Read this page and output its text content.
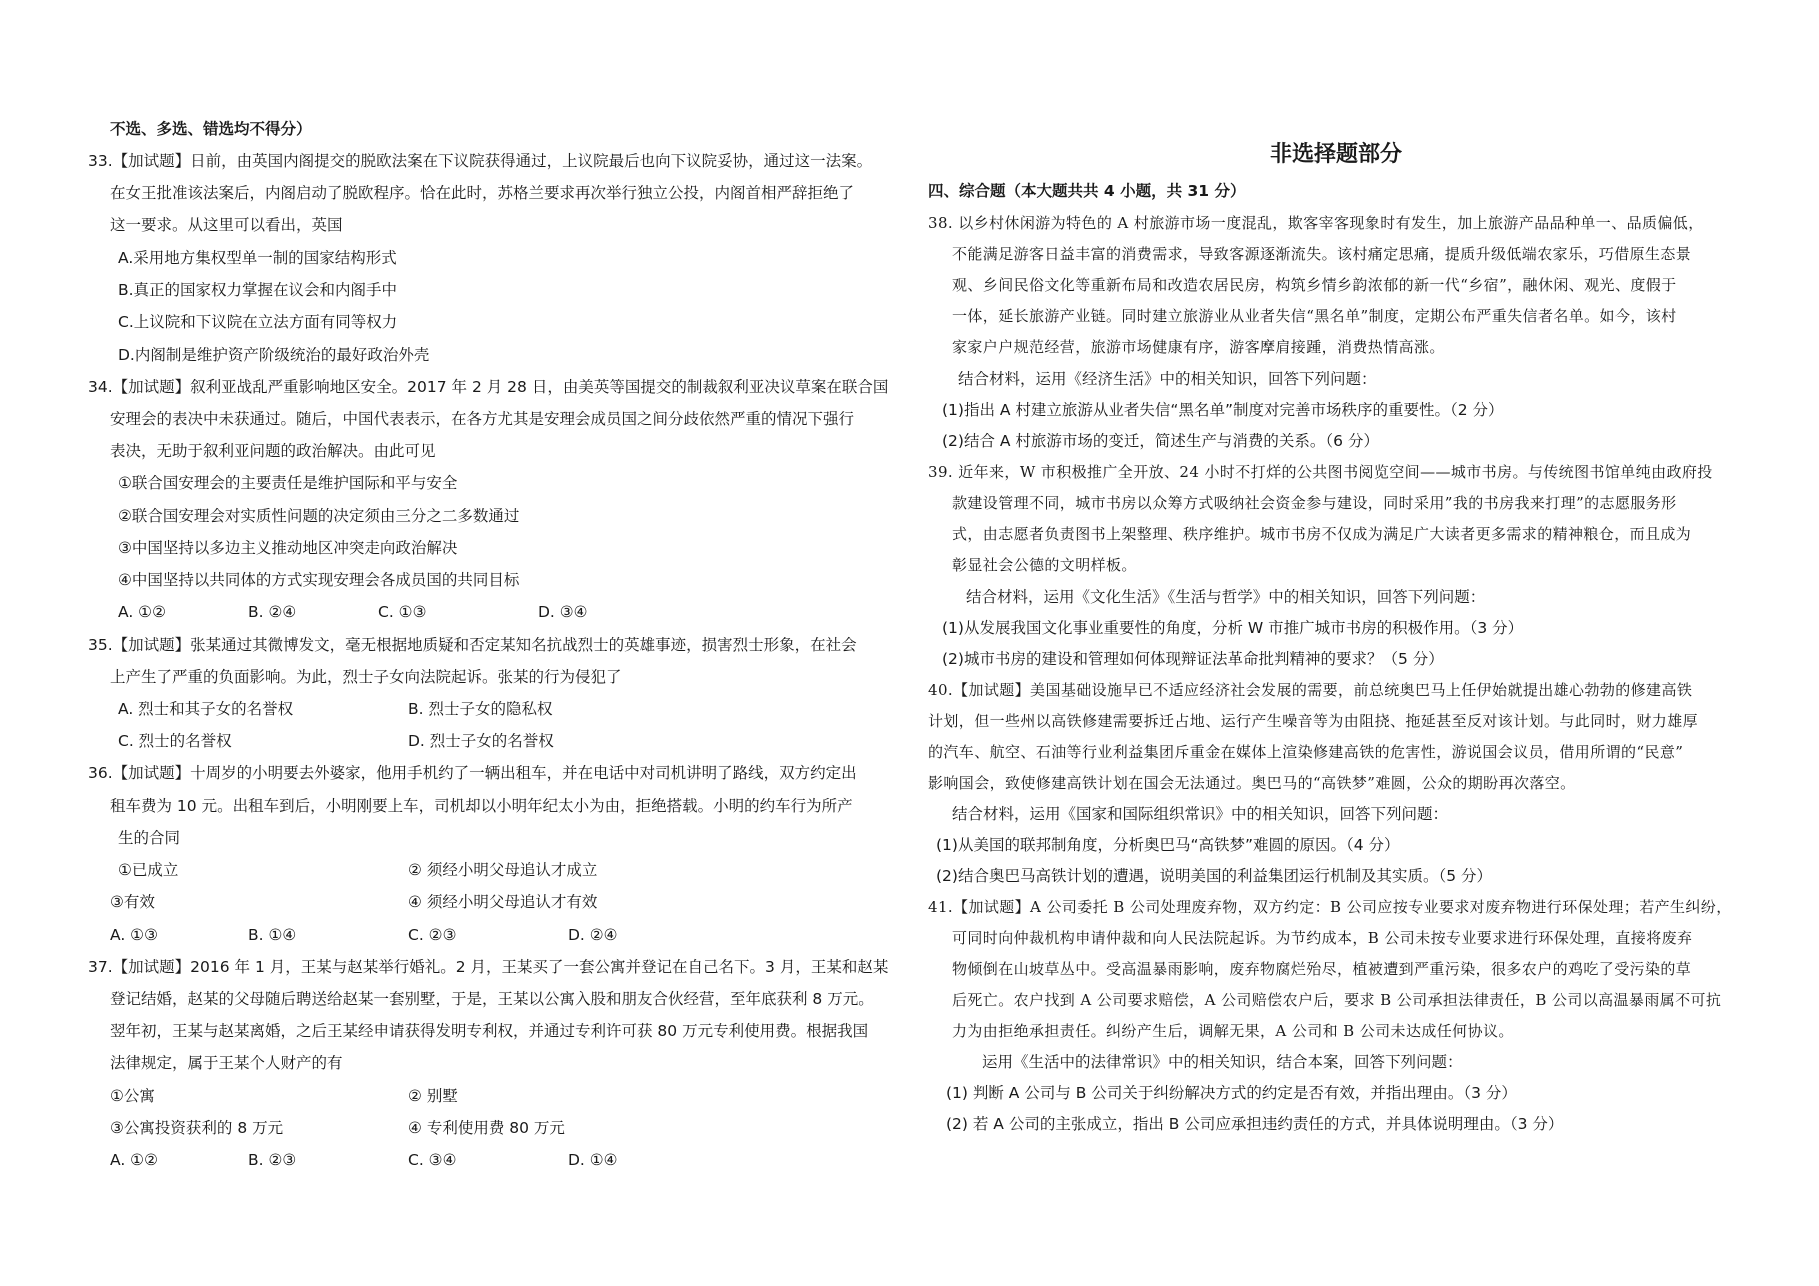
不选、多选、错选均不得分）
33.【加试题】日前，由英国内阁提交的脱欧法案在下议院获得通过，上议院最后也向下议院妥协，通过这一法案。
在女王批准该法案后，内阁启动了脱欧程序。恰在此时，苏格兰要求再次举行独立公投，内阁首相严辞拒绝了
这一要求。从这里可以看出，英国
A.采用地方集权型单一制的国家结构形式
B.真正的国家权力掌握在议会和内阁手中
C.上议院和下议院在立法方面有同等权力
D.内阁制是维护资产阶级统治的最好政治外壳
34.【加试题】叙利亚战乱严重影响地区安全。2017 年 2 月 28 日，由美英等国提交的制裁叙利亚决议草案在联合国
安理会的表决中未获通过。随后，中国代表表示，在各方尤其是安理会成员国之间分歧依然严重的情况下强行
表决，无助于叙利亚问题的政治解决。由此可见
①联合国安理会的主要责任是维护国际和平与安全
②联合国安理会对实质性问题的决定须由三分之二多数通过
③中国坚持以多边主义推动地区冲突走向政治解决
④中国坚持以共同体的方式实现安理会各成员国的共同目标
A. ①②	B. ②④	C. ①③	D. ③④
35.【加试题】张某通过其微博发文，毫无根据地质疑和否定某知名抗战烈士的英雄事迹，损害烈士形象，在社会
上产生了严重的负面影响。为此，烈士子女向法院起诉。张某的行为侵犯了
A. 烈士和其子女的名誉权	B. 烈士子女的隐私权
C. 烈士的名誉权	D. 烈士子女的名誉权
36.【加试题】十周岁的小明要去外婆家，他用手机约了一辆出租车，并在电话中对司机讲明了路线，双方约定出
租车费为 10 元。出租车到后，小明刚要上车，司机却以小明年纪太小为由，拒绝搭载。小明的约车行为所产
生的合同
①已成立	② 须经小明父母追认才成立
③有效	④ 须经小明父母追认才有效
A. ①③	B. ①④	C. ②③	D. ②④
37.【加试题】2016 年 1 月，王某与赵某举行婚礼。2 月，王某买了一套公寓并登记在自己名下。3 月，王某和赵某
登记结婚，赵某的父母随后聘送给赵某一套别墅，于是，王某以公寓入股和朋友合伙经营，至年底获利 8 万元。
翌年初，王某与赵某离婚，之后王某经申请获得发明专利权，并通过专利许可获 80 万元专利使用费。根据我国
法律规定，属于王某个人财产的有
①公寓	② 别墅
③公寓投资获利的 8 万元	④ 专利使用费 80 万元
A. ①②	B. ②③	C. ③④	D. ①④
非选择题部分
四、综合题（本大题共共 4 小题，共 31 分）
38. 以乡村休闲游为特色的 A 村旅游市场一度混乱，欺客宰客现象时有发生，加上旅游产品品种单一、品质偏低，
不能满足游客日益丰富的消费需求，导致客源逐渐流失。该村痛定思痛，提质升级低端农家乐，巧借原生态景
观、乡间民俗文化等重新布局和改造农居民房，构筑乡情乡韵浓郁的新一代“乡宿”，融休闲、观光、度假于
一体，延长旅游产业链。同时建立旅游业从业者失信“黑名单”制度，定期公布严重失信者名单。如今，该村
家家户户规范经营，旅游市场健康有序，游客摩肩接踵，消费热情高涨。
结合材料，运用《经济生活》中的相关知识，回答下列问题：
(1)指出 A 村建立旅游从业者失信“黑名单”制度对完善市场秩序的重要性。（2 分）
(2)结合 A 村旅游市场的变迁，简述生产与消费的关系。（6 分）
39. 近年来，W 市积极推广全开放、24 小时不打烊的公共图书阅览空间——城市书房。与传统图书馆单纯由政府投
款建设管理不同，城市书房以众筹方式吸纳社会资金参与建设，同时采用”我的书房我来打理”的志愿服务形
式，由志愿者负责图书上架整理、秩序维护。城市书房不仅成为满足广大读者更多需求的精神粮仓，而且成为
彰显社会公德的文明样板。
结合材料，运用《文化生活》《生活与哲学》中的相关知识，回答下列问题：
(1)从发展我国文化事业重要性的角度，分析 W 市推广城市书房的积极作用。（3 分）
(2)城市书房的建设和管理如何体现辩证法革命批判精神的要求？（5 分）
40.【加试题】美国基础设施早已不适应经济社会发展的需要，前总统奥巴马上任伊始就提出雄心勃勃的修建高铁
计划，但一些州以高铁修建需要拆迁占地、运行产生噪音等为由阻挠、拖延甚至反对该计划。与此同时，财力雄厚
的汽车、航空、石油等行业利益集团斥重金在媒体上渲染修建高铁的危害性，游说国会议员，借用所谓的“民意”
影响国会，致使修建高铁计划在国会无法通过。奥巴马的“高铁梦”难圆，公众的期盼再次落空。
结合材料，运用《国家和国际组织常识》中的相关知识，回答下列问题：
(1)从美国的联邦制角度，分析奥巴马“高铁梦”难圆的原因。（4 分）
(2)结合奥巴马高铁计划的遭遇，说明美国的利益集团运行机制及其实质。（5 分）
41.【加试题】A 公司委托 B 公司处理废弃物，双方约定：B 公司应按专业要求对废弃物进行环保处理；若产生纠纷，
可同时向仲裁机构申请仲裁和向人民法院起诉。为节约成本，B 公司未按专业要求进行环保处理，直接将废弃
物倾倒在山坡草丛中。受高温暴雨影响，废弃物腐烂殆尽，植被遭到严重污染，很多农户的鸡吃了受污染的草
后死亡。农户找到 A 公司要求赔偿，A 公司赔偿农户后，要求 B 公司承担法律责任，B 公司以高温暴雨属不可抗
力为由拒绝承担责任。纠纷产生后，调解无果，A 公司和 B 公司未达成任何协议。
运用《生活中的法律常识》中的相关知识，结合本案，回答下列问题：
(1) 判断 A 公司与 B 公司关于纠纷解决方式的约定是否有效，并指出理由。（3 分）
(2) 若 A 公司的主张成立，指出 B 公司应承担违约责任的方式，并具体说明理由。（3 分）
